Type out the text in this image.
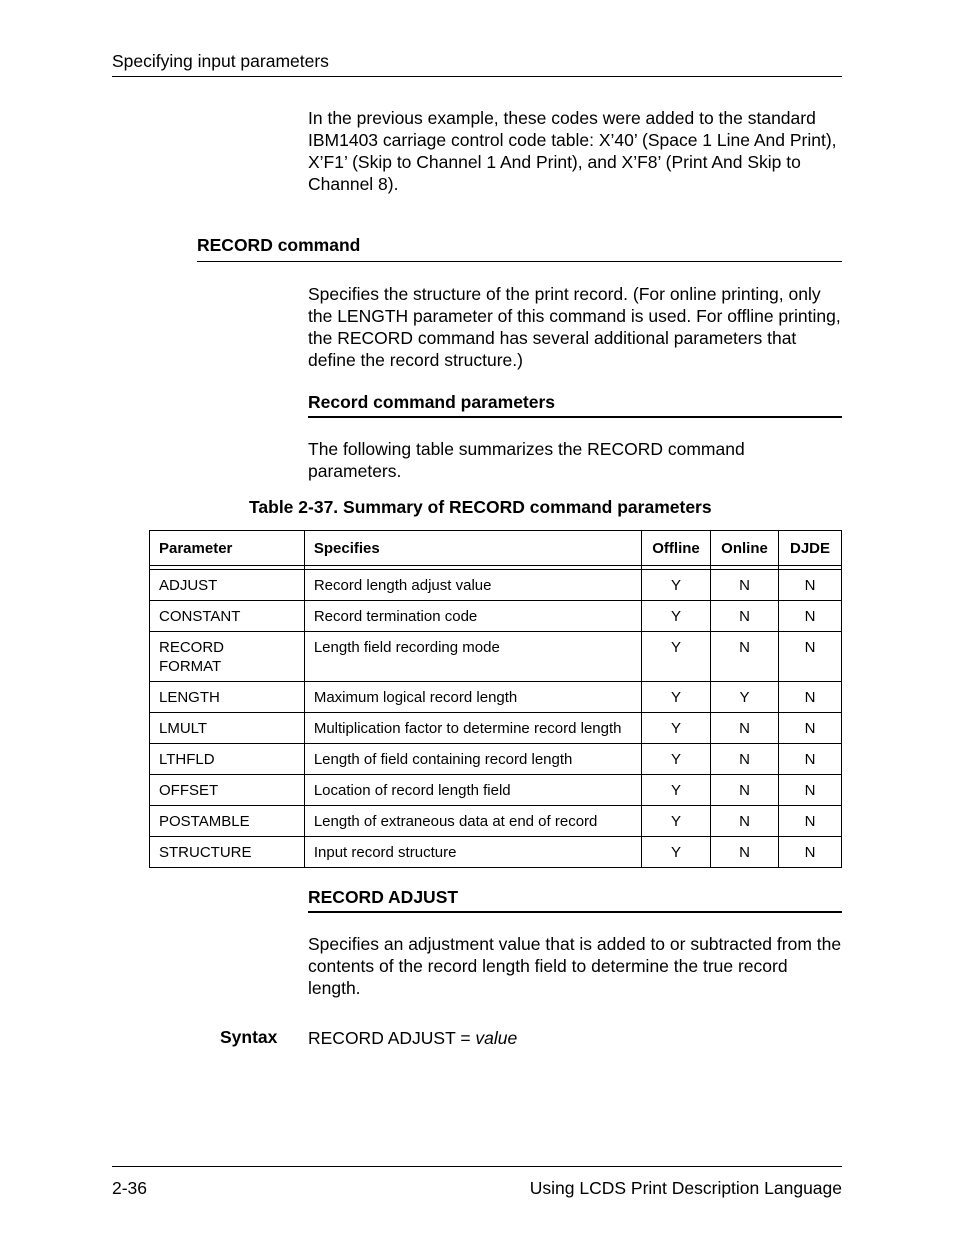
Specifying input parameters
In the previous example, these codes were added to the standard IBM1403 carriage control code table: X’40’ (Space 1 Line And Print), X’F1’ (Skip to Channel 1 And Print), and X’F8’ (Print And Skip to Channel 8).
RECORD command
Specifies the structure of the print record. (For online printing, only the LENGTH parameter of this command is used. For offline printing, the RECORD command has several additional parameters that define the record structure.)
Record command parameters
The following table summarizes the RECORD command parameters.
Table 2-37. Summary of RECORD command parameters
Parameter	Specifies	Offline	Online	DJDE

ADJUST	Record length adjust value	Y	N	N
CONSTANT	Record termination code	Y	N	N

RECORD
FORMAT	Length field recording mode	Y	N	N
LENGTH	Maximum logical record length	Y	Y	N
LMULT	Multiplication factor to determine record length	Y	N	N
LTHFLD	Length of field containing record length	Y	N	N
OFFSET	Location of record length field	Y	N	N
POSTAMBLE	Length of extraneous data at end of record	Y	N	N
STRUCTURE	Input record structure	Y	N	N
RECORD ADJUST
Specifies an adjustment value that is added to or subtracted from the contents of the record length field to determine the true record length.
Syntax RECORD ADJUST = value
2-36	Using LCDS Print Description Language
